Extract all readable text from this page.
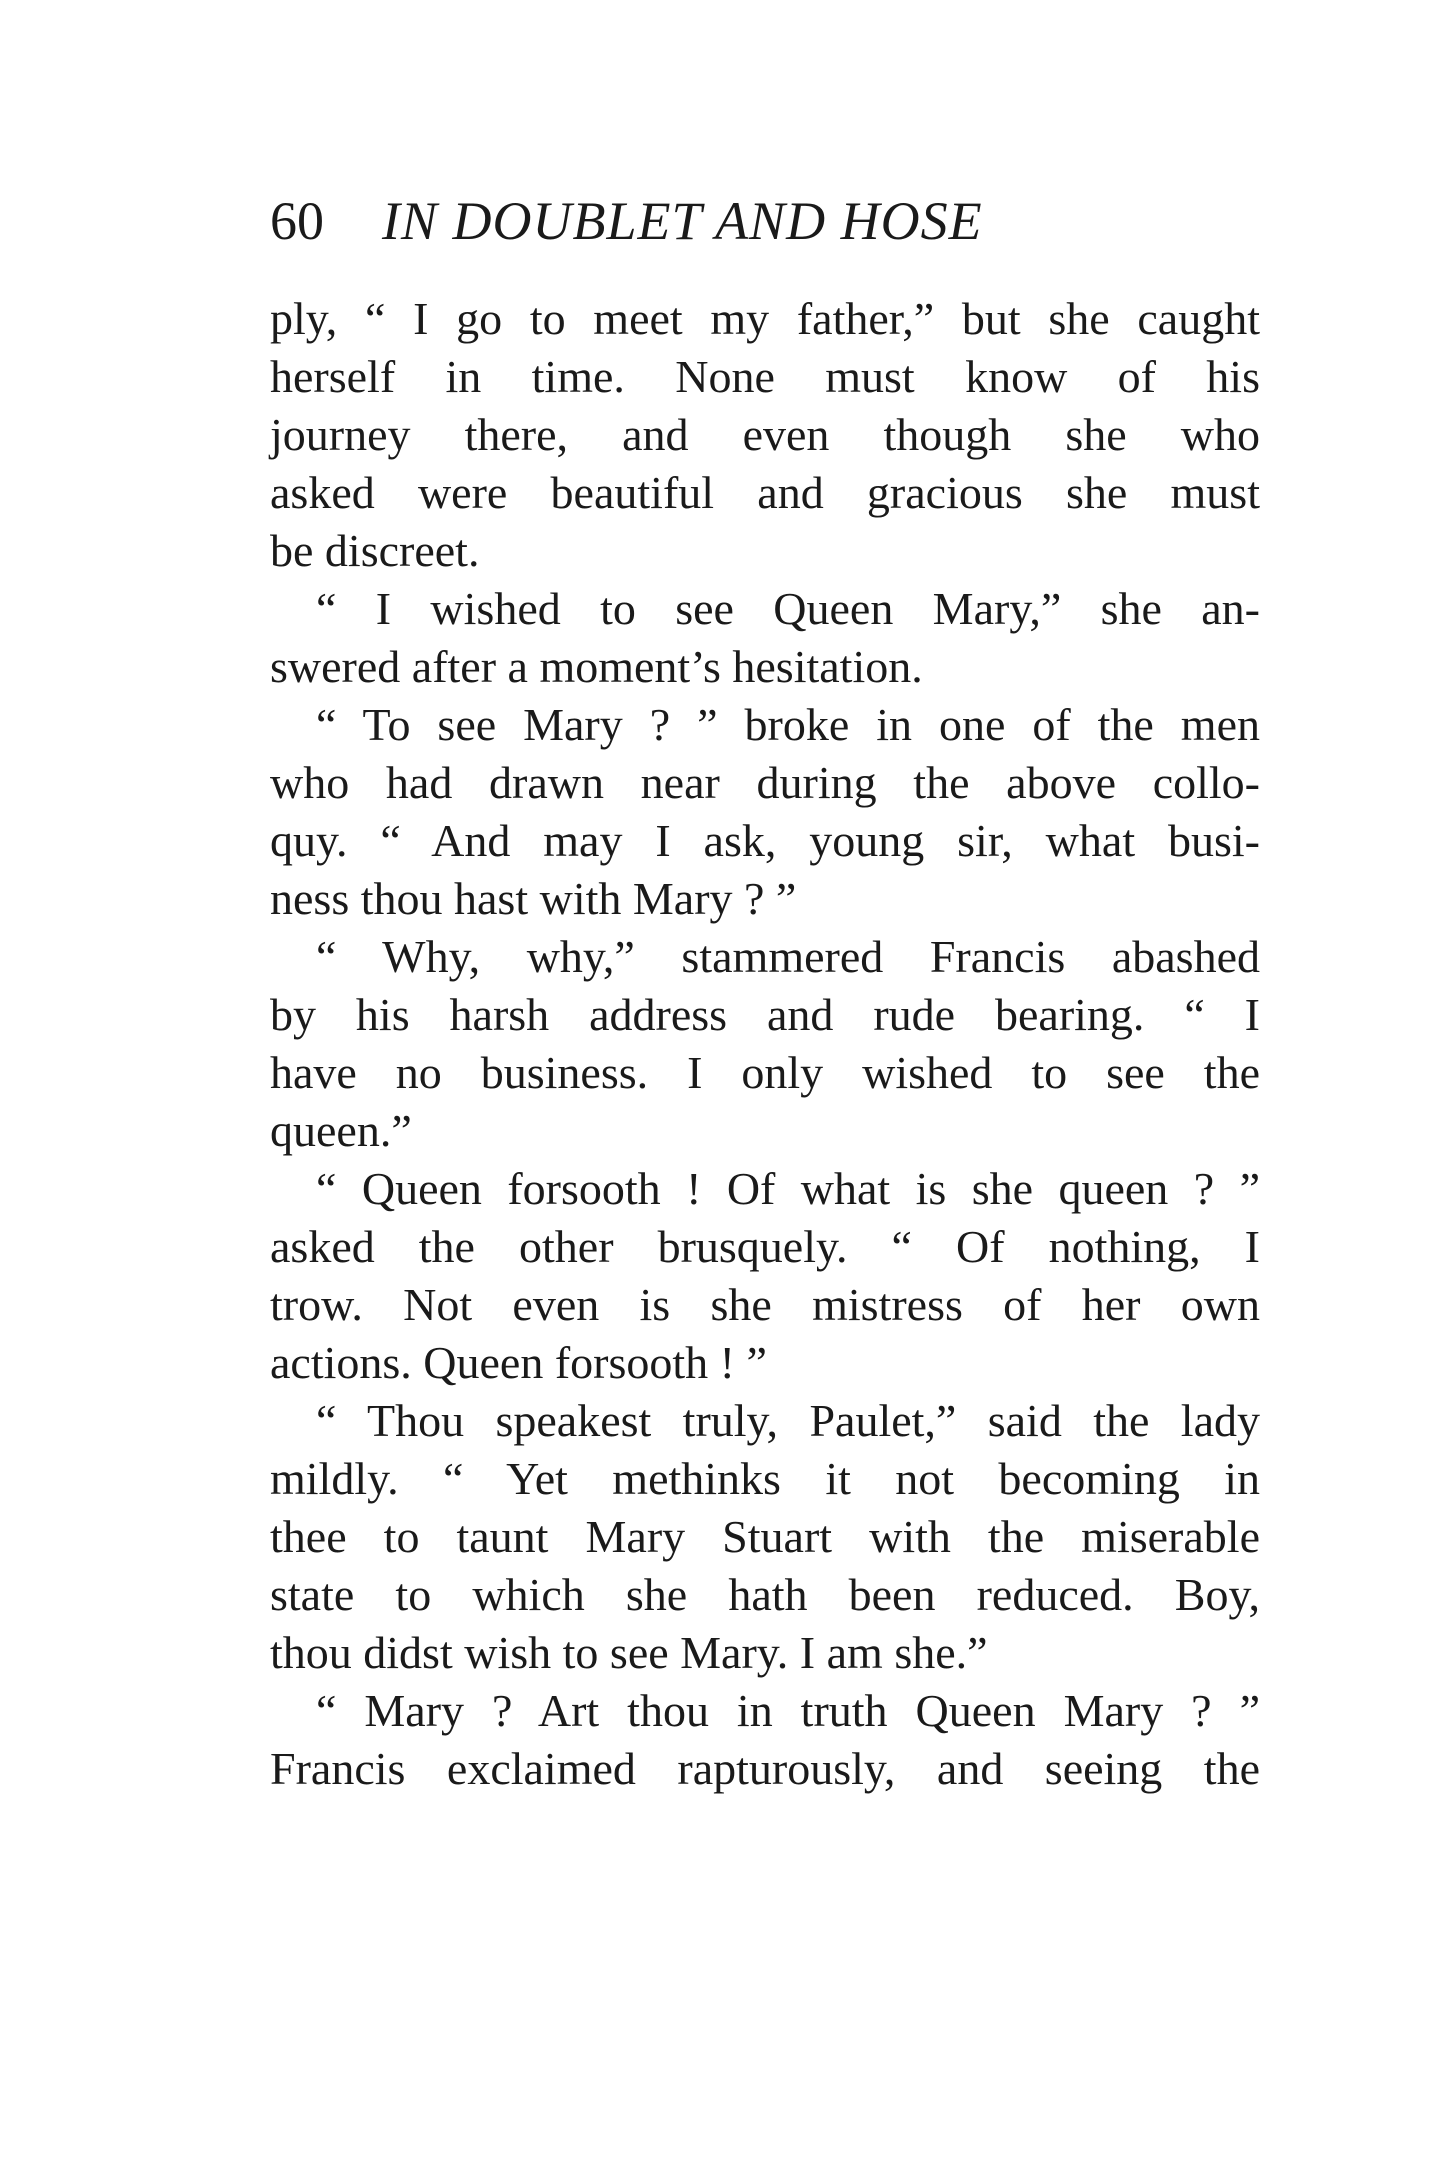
60 IN DOUBLET AND HOSE
ply, “ I go to meet my father,” but she caught
herself in time. None must know of his
journey there, and even though she who
asked were beautiful and gracious she must
be discreet.
“ I wished to see Queen Mary,” she an-
swered after a moment’s hesitation.
“ To see Mary ? ” broke in one of the men
who had drawn near during the above collo-
quy. “ And may I ask, young sir, what busi-
ness thou hast with Mary ? ”
“ Why, why,” stammered Francis abashed
by his harsh address and rude bearing. “ I
have no business. I only wished to see the
queen.”
“ Queen forsooth ! Of what is she queen ? ”
asked the other brusquely. “ Of nothing, I
trow. Not even is she mistress of her own
actions. Queen forsooth ! ”
“ Thou speakest truly, Paulet,” said the lady
mildly. “ Yet methinks it not becoming in
thee to taunt Mary Stuart with the miserable
state to which she hath been reduced. Boy,
thou didst wish to see Mary. I am she.”
“ Mary ? Art thou in truth Queen Mary ? ”
Francis exclaimed rapturously, and seeing the
